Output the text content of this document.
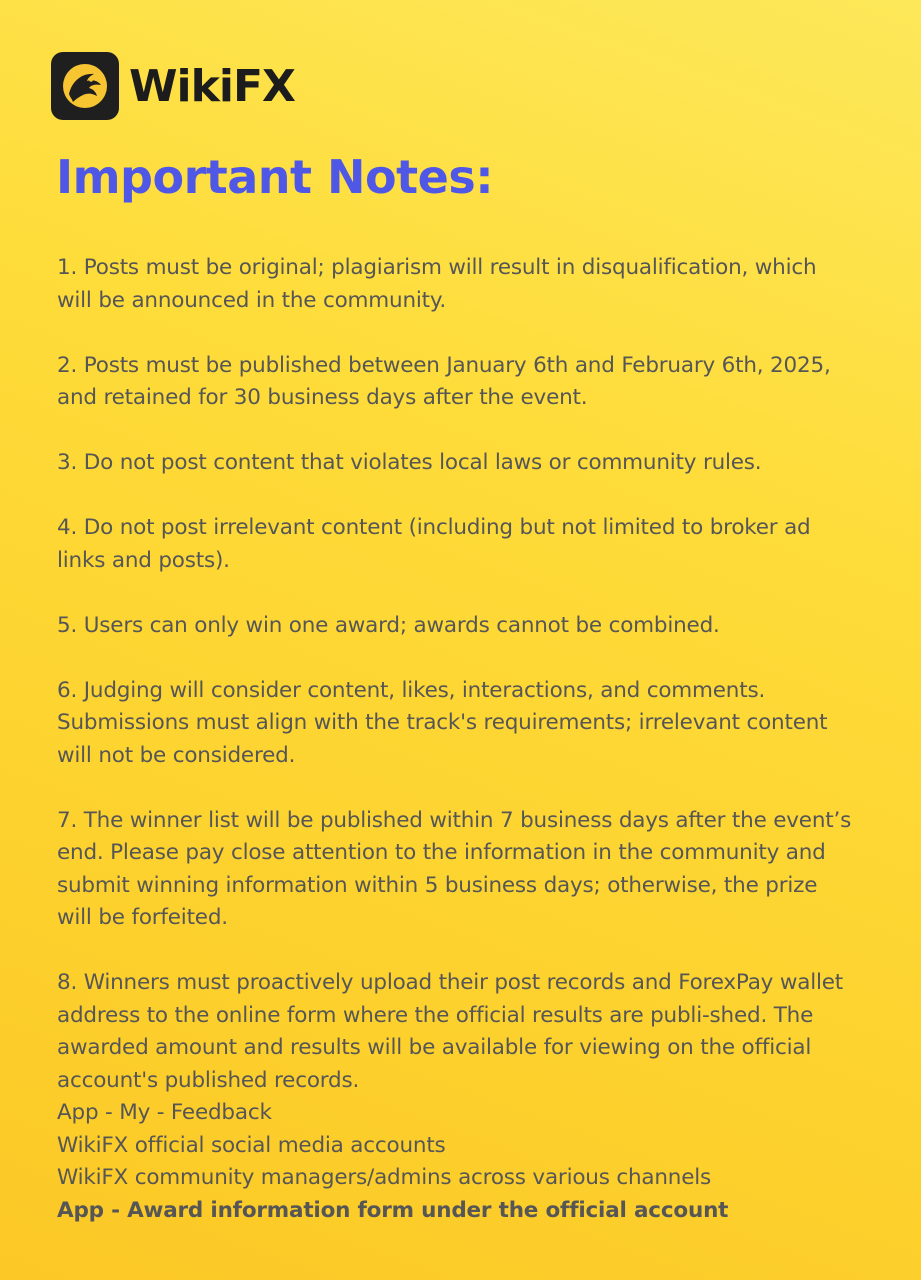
WikiFX
Important Notes:

1. Posts must be original; plagiarism will result in disqualification, which will be announced in the community.

2. Posts must be published between January 6th and February 6th, 2025, and retained for 30 business days after the event.

3. Do not post content that violates local laws or community rules.

4. Do not post irrelevant content (including but not limited to broker ad links and posts).

5. Users can only win one award; awards cannot be combined.

6. Judging will consider content, likes, interactions, and comments. Submissions must align with the track's requirements; irrelevant content will not be considered.

7. The winner list will be published within 7 business days after the event’s end. Please pay close attention to the information in the community and submit winning information within 5 business days; otherwise, the prize will be forfeited.

8. Winners must proactively upload their post records and ForexPay wallet address to the online form where the official results are publi-shed. The awarded amount and results will be available for viewing on the official account's published records.

App - My - Feedback

WikiFX official social media accounts

WikiFX community managers/admins across various channels

App - Award information form under the official account
